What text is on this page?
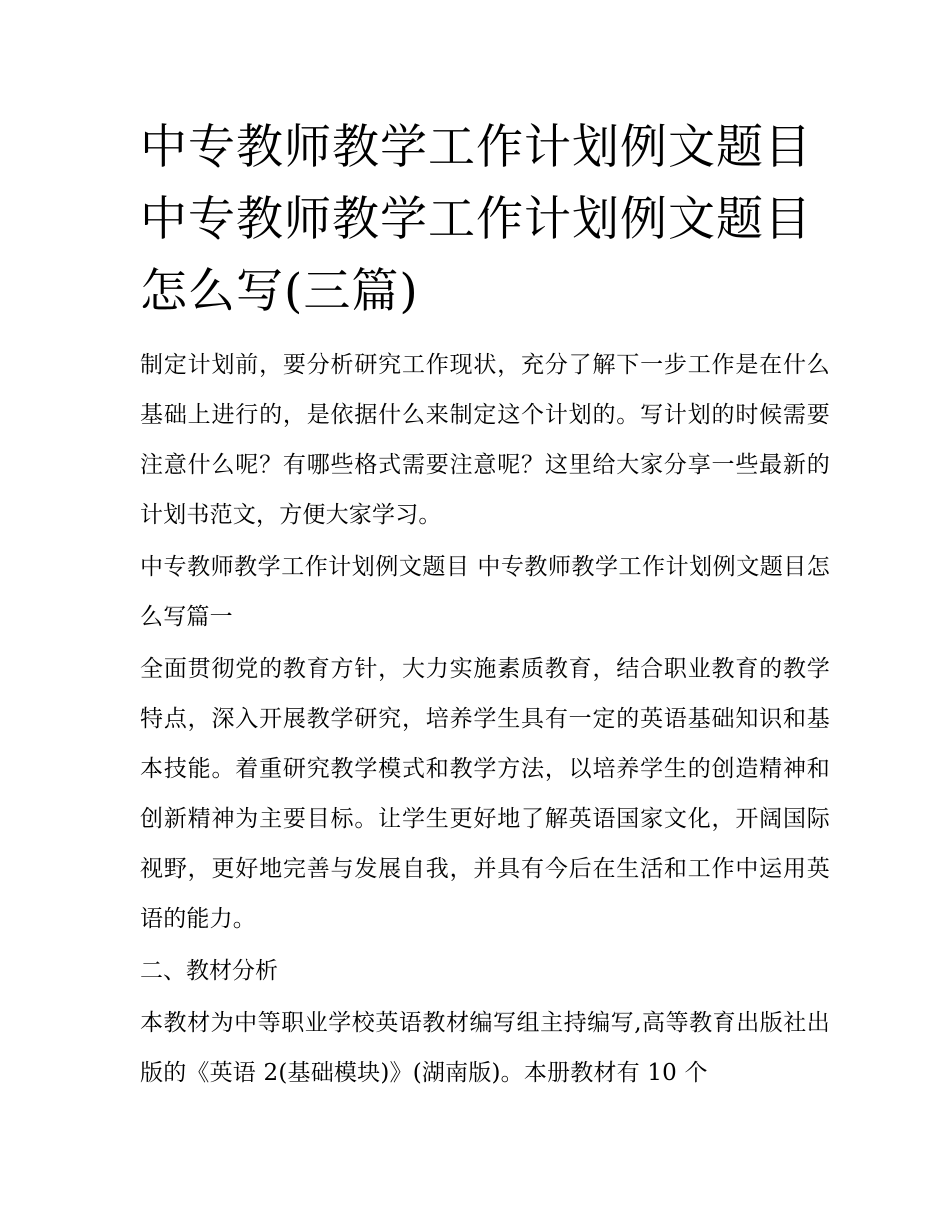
中专教师教学工作计划例文题目 中专教师教学工作计划例文题目怎么写(三篇)

制定计划前，要分析研究工作现状，充分了解下一步工作是在什么基础上进行的，是依据什么来制定这个计划的。写计划的时候需要注意什么呢？有哪些格式需要注意呢？这里给大家分享一些最新的计划书范文，方便大家学习。

中专教师教学工作计划例文题目 中专教师教学工作计划例文题目怎么写篇一

全面贯彻党的教育方针，大力实施素质教育，结合职业教育的教学特点，深入开展教学研究，培养学生具有一定的英语基础知识和基本技能。着重研究教学模式和教学方法，以培养学生的创造精神和创新精神为主要目标。让学生更好地了解英语国家文化，开阔国际视野，更好地完善与发展自我，并具有今后在生活和工作中运用英语的能力。

二、教材分析

本教材为中等职业学校英语教材编写组主持编写,高等教育出版社出版的《英语 2(基础模块)》(湖南版)。本册教材有 10 个
